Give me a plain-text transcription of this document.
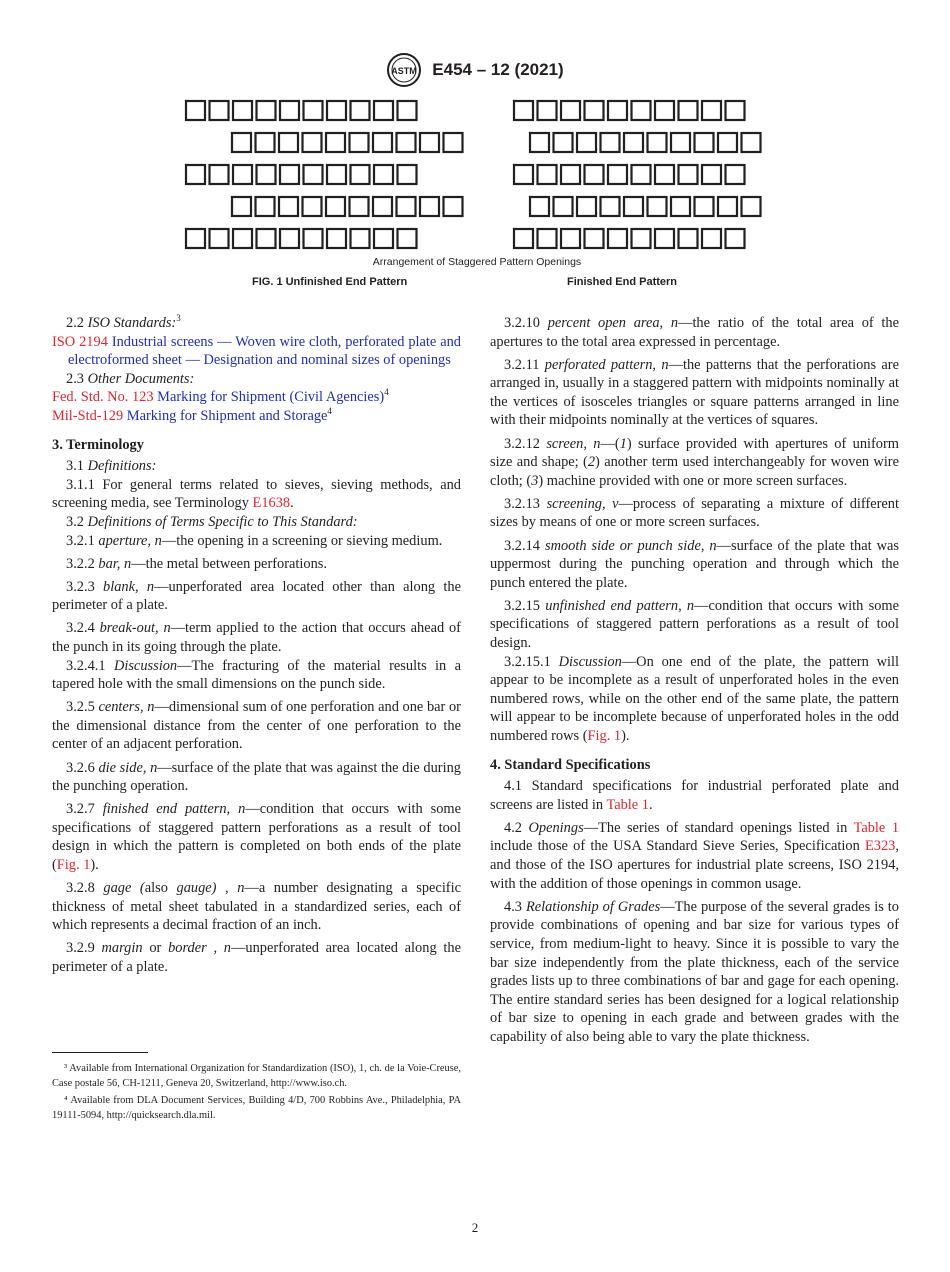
ASTM E454 – 12 (2021)
Arrangement of Staggered Pattern Openings
FIG. 1 Unfinished End Pattern	Finished End Pattern

2.2 ISO Standards:$^3$

ISO 2194 Industrial screens — Woven wire cloth, perforated plate and electroformed sheet — Designation and nominal sizes of openings

2.3 Other Documents:

Fed. Std. No. 123 Marking for Shipment (Civil Agencies)$^4$

Mil-Std-129 Marking for Shipment and Storage$^4$

3. Terminology

3.1 Definitions:

3.1.1 For general terms related to sieves, sieving methods, and screening media, see Terminology E1638.

3.2 Definitions of Terms Specific to This Standard:

3.2.1 aperture, n—the opening in a screening or sieving medium.

3.2.2 bar, n—the metal between perforations.

3.2.3 blank, n—unperforated area located other than along the perimeter of a plate.

3.2.4 break-out, n—term applied to the action that occurs ahead of the punch in its going through the plate.

3.2.4.1 Discussion—The fracturing of the material results in a tapered hole with the small dimensions on the punch side.

3.2.5 centers, n—dimensional sum of one perforation and one bar or the dimensional distance from the center of one perforation to the center of an adjacent perforation.

3.2.6 die side, n—surface of the plate that was against the die during the punching operation.

3.2.7 finished end pattern, n—condition that occurs with some specifications of staggered pattern perforations as a result of tool design in which the pattern is completed on both ends of the plate (Fig. 1).

3.2.8 gage (also gauge) , n—a number designating a specific thickness of metal sheet tabulated in a standardized series, each of which represents a decimal fraction of an inch.

3.2.9 margin or border , n—unperforated area located along the perimeter of a plate.

3.2.10 percent open area, n—the ratio of the total area of the apertures to the total area expressed in percentage.

3.2.11 perforated pattern, n—the patterns that the perforations are arranged in, usually in a staggered pattern with midpoints nominally at the vertices of isosceles triangles or square patterns arranged in line with their midpoints nominally at the vertices of squares.

3.2.12 screen, n—(1) surface provided with apertures of uniform size and shape; (2) another term used interchangeably for woven wire cloth; (3) machine provided with one or more screen surfaces.

3.2.13 screening, v—process of separating a mixture of different sizes by means of one or more screen surfaces.

3.2.14 smooth side or punch side, n—surface of the plate that was uppermost during the punching operation and through which the punch entered the plate.

3.2.15 unfinished end pattern, n—condition that occurs with some specifications of staggered pattern perforations as a result of tool design.

3.2.15.1 Discussion—On one end of the plate, the pattern will appear to be incomplete as a result of unperforated holes in the even numbered rows, while on the other end of the same plate, the pattern will appear to be incomplete because of unperforated holes in the odd numbered rows (Fig. 1).

4. Standard Specifications

4.1 Standard specifications for industrial perforated plate and screens are listed in Table 1.

4.2 Openings—The series of standard openings listed in Table 1 include those of the USA Standard Sieve Series, Specification E323, and those of the ISO apertures for industrial plate screens, ISO 2194, with the addition of those openings in common usage.

4.3 Relationship of Grades—The purpose of the several grades is to provide combinations of opening and bar size for various types of service, from medium-light to heavy. Since it is possible to vary the bar size independently from the plate thickness, each of the service grades lists up to three combinations of bar and gage for each opening. The entire standard series has been designed for a logical relationship of bar size to opening in each grade and between grades with the capability of also being able to vary the plate thickness.

³ Available from International Organization for Standardization (ISO), 1, ch. de la Voie-Creuse, Case postale 56, CH-1211, Geneva 20, Switzerland, http://www.iso.ch.

⁴ Available from DLA Document Services, Building 4/D, 700 Robbins Ave., Philadelphia, PA 19111-5094, http://quicksearch.dla.mil.

2
